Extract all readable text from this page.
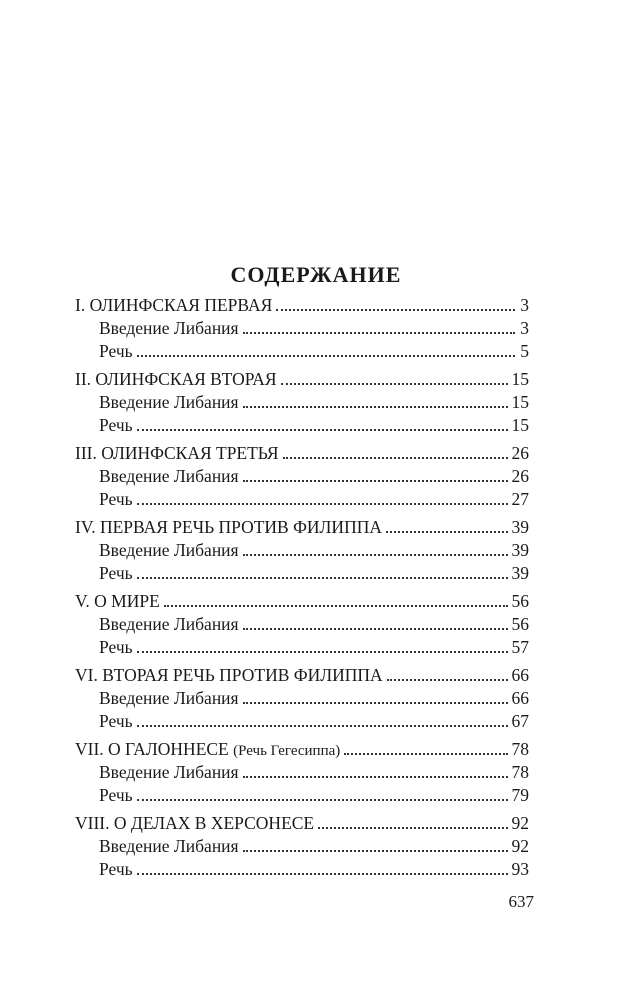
СОДЕРЖАНИЕ
I. ОЛИНФСКАЯ ПЕРВАЯ	3
Введение Либания	3
Речь	5
II. ОЛИНФСКАЯ ВТОРАЯ	15
Введение Либания	15
Речь	15
III. ОЛИНФСКАЯ ТРЕТЬЯ	26
Введение Либания	26
Речь	27
IV. ПЕРВАЯ РЕЧЬ ПРОТИВ ФИЛИППА	39
Введение Либания	39
Речь	39
V. О МИРЕ	56
Введение Либания	56
Речь	57
VI. ВТОРАЯ РЕЧЬ ПРОТИВ ФИЛИППА	66
Введение Либания	66
Речь	67
VII. О ГАЛОННЕСЕ (Речь Гегесиппа)	78
Введение Либания	78
Речь	79
VIII. О ДЕЛАХ В ХЕРСОНЕСЕ	92
Введение Либания	92
Речь	93
637
